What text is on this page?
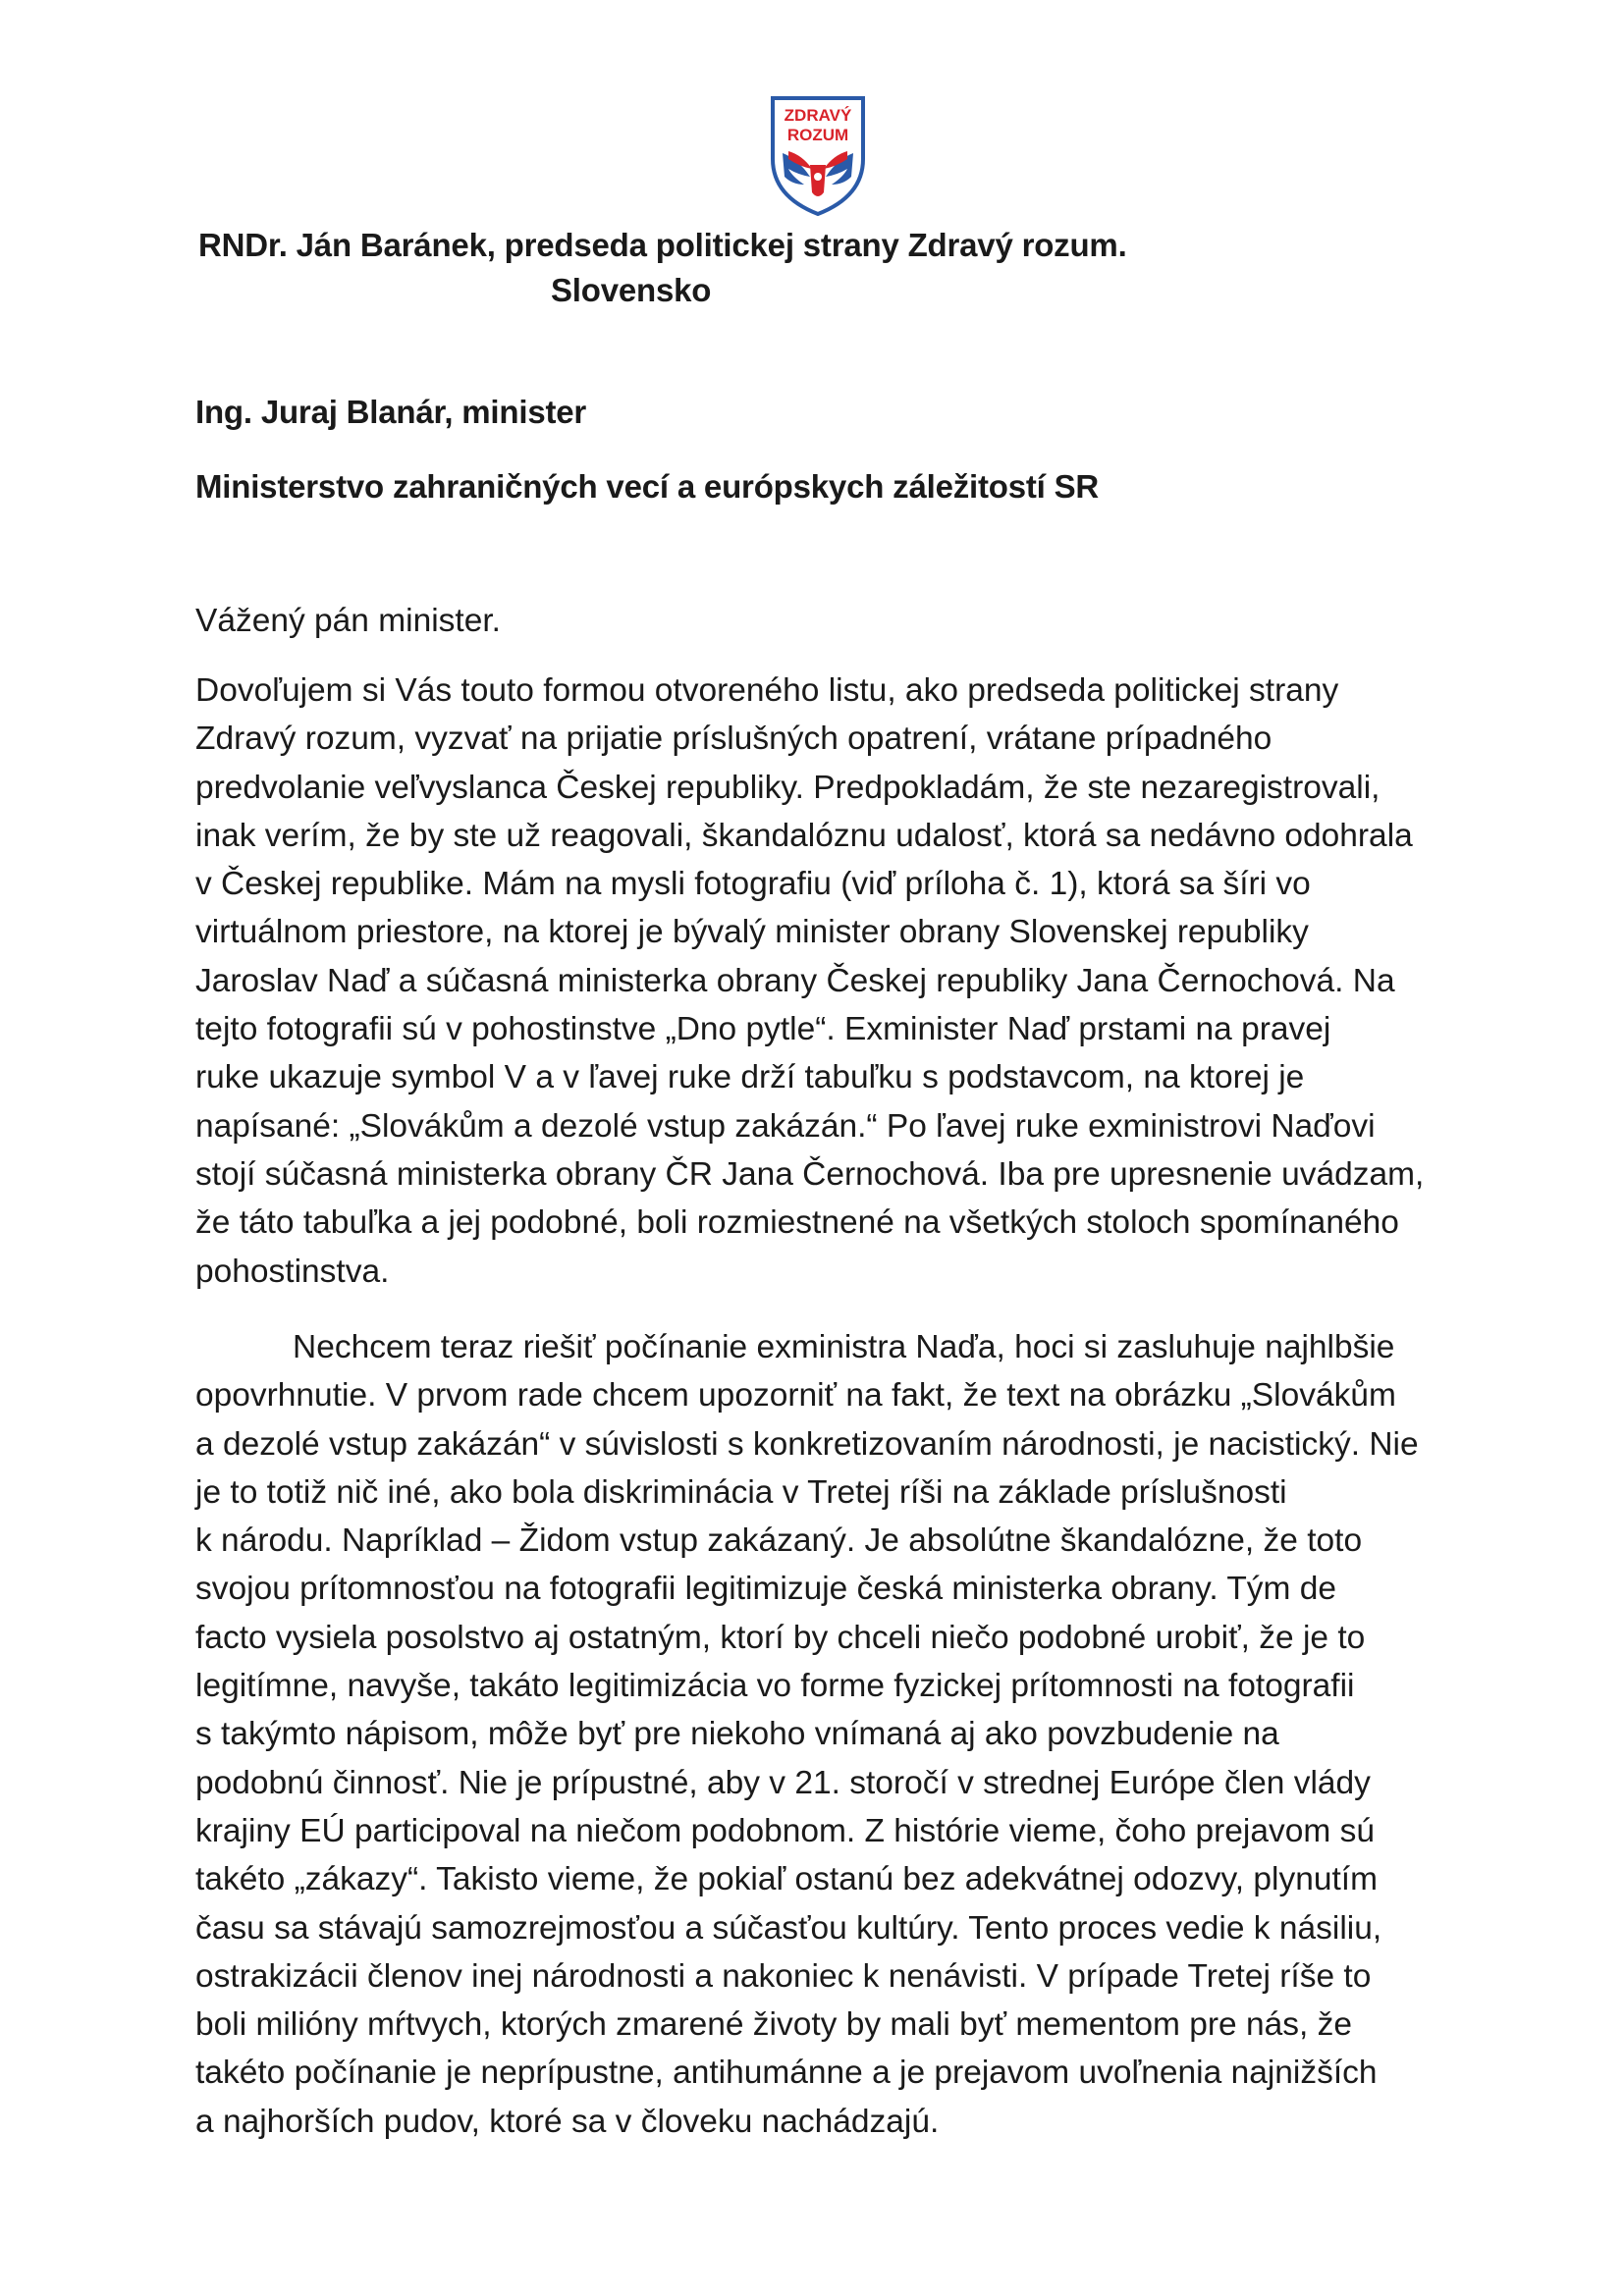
ZDRAVÝ
ROZUM
RNDr. Ján Baránek, predseda politickej strany Zdravý rozum.
Slovensko
Ing. Juraj Blanár, minister
Ministerstvo zahraničných vecí a európskych záležitostí SR
Vážený pán minister.
Dovoľujem si Vás touto formou otvoreného listu, ako predseda politickej strany
Zdravý rozum, vyzvať na prijatie príslušných opatrení, vrátane prípadného
predvolanie veľvyslanca Českej republiky. Predpokladám, že ste nezaregistrovali,
inak verím, že by ste už reagovali, škandalóznu udalosť, ktorá sa nedávno odohrala
v Českej republike. Mám na mysli fotografiu (viď príloha č. 1), ktorá sa šíri vo
virtuálnom priestore, na ktorej je bývalý minister obrany Slovenskej republiky
Jaroslav Naď a súčasná ministerka obrany Českej republiky Jana Černochová. Na
tejto fotografii sú v pohostinstve „Dno pytle“. Exminister Naď prstami na pravej
ruke ukazuje symbol V a v ľavej ruke drží tabuľku s podstavcom, na ktorej je
napísané: „Slovákům a dezolé vstup zakázán.“ Po ľavej ruke exministrovi Naďovi
stojí súčasná ministerka obrany ČR Jana Černochová. Iba pre upresnenie uvádzam,
že táto tabuľka a jej podobné, boli rozmiestnené na všetkých stoloch spomínaného
pohostinstva.
Nechcem teraz riešiť počínanie exministra Naďa, hoci si zasluhuje najhlbšie
opovrhnutie. V prvom rade chcem upozorniť na fakt, že text na obrázku „Slovákům
a dezolé vstup zakázán“ v súvislosti s konkretizovaním národnosti, je nacistický. Nie
je to totiž nič iné, ako bola diskriminácia v Tretej ríši na základe príslušnosti
k národu. Napríklad – Židom vstup zakázaný. Je absolútne škandalózne, že toto
svojou prítomnosťou na fotografii legitimizuje česká ministerka obrany. Tým de
facto vysiela posolstvo aj ostatným, ktorí by chceli niečo podobné urobiť, že je to
legitímne, navyše, takáto legitimizácia vo forme fyzickej prítomnosti na fotografii
s takýmto nápisom, môže byť pre niekoho vnímaná aj ako povzbudenie na
podobnú činnosť. Nie je prípustné, aby v 21. storočí v strednej Európe člen vlády
krajiny EÚ participoval na niečom podobnom. Z histórie vieme, čoho prejavom sú
takéto „zákazy“. Takisto vieme, že pokiaľ ostanú bez adekvátnej odozvy, plynutím
času sa stávajú samozrejmosťou a súčasťou kultúry. Tento proces vedie k násiliu,
ostrakizácii členov inej národnosti a nakoniec k nenávisti. V prípade Tretej ríše to
boli milióny mŕtvych, ktorých zmarené životy by mali byť mementom pre nás, že
takéto počínanie je neprípustne, antihumánne a je prejavom uvoľnenia najnižších
a najhorších pudov, ktoré sa v človeku nachádzajú.
